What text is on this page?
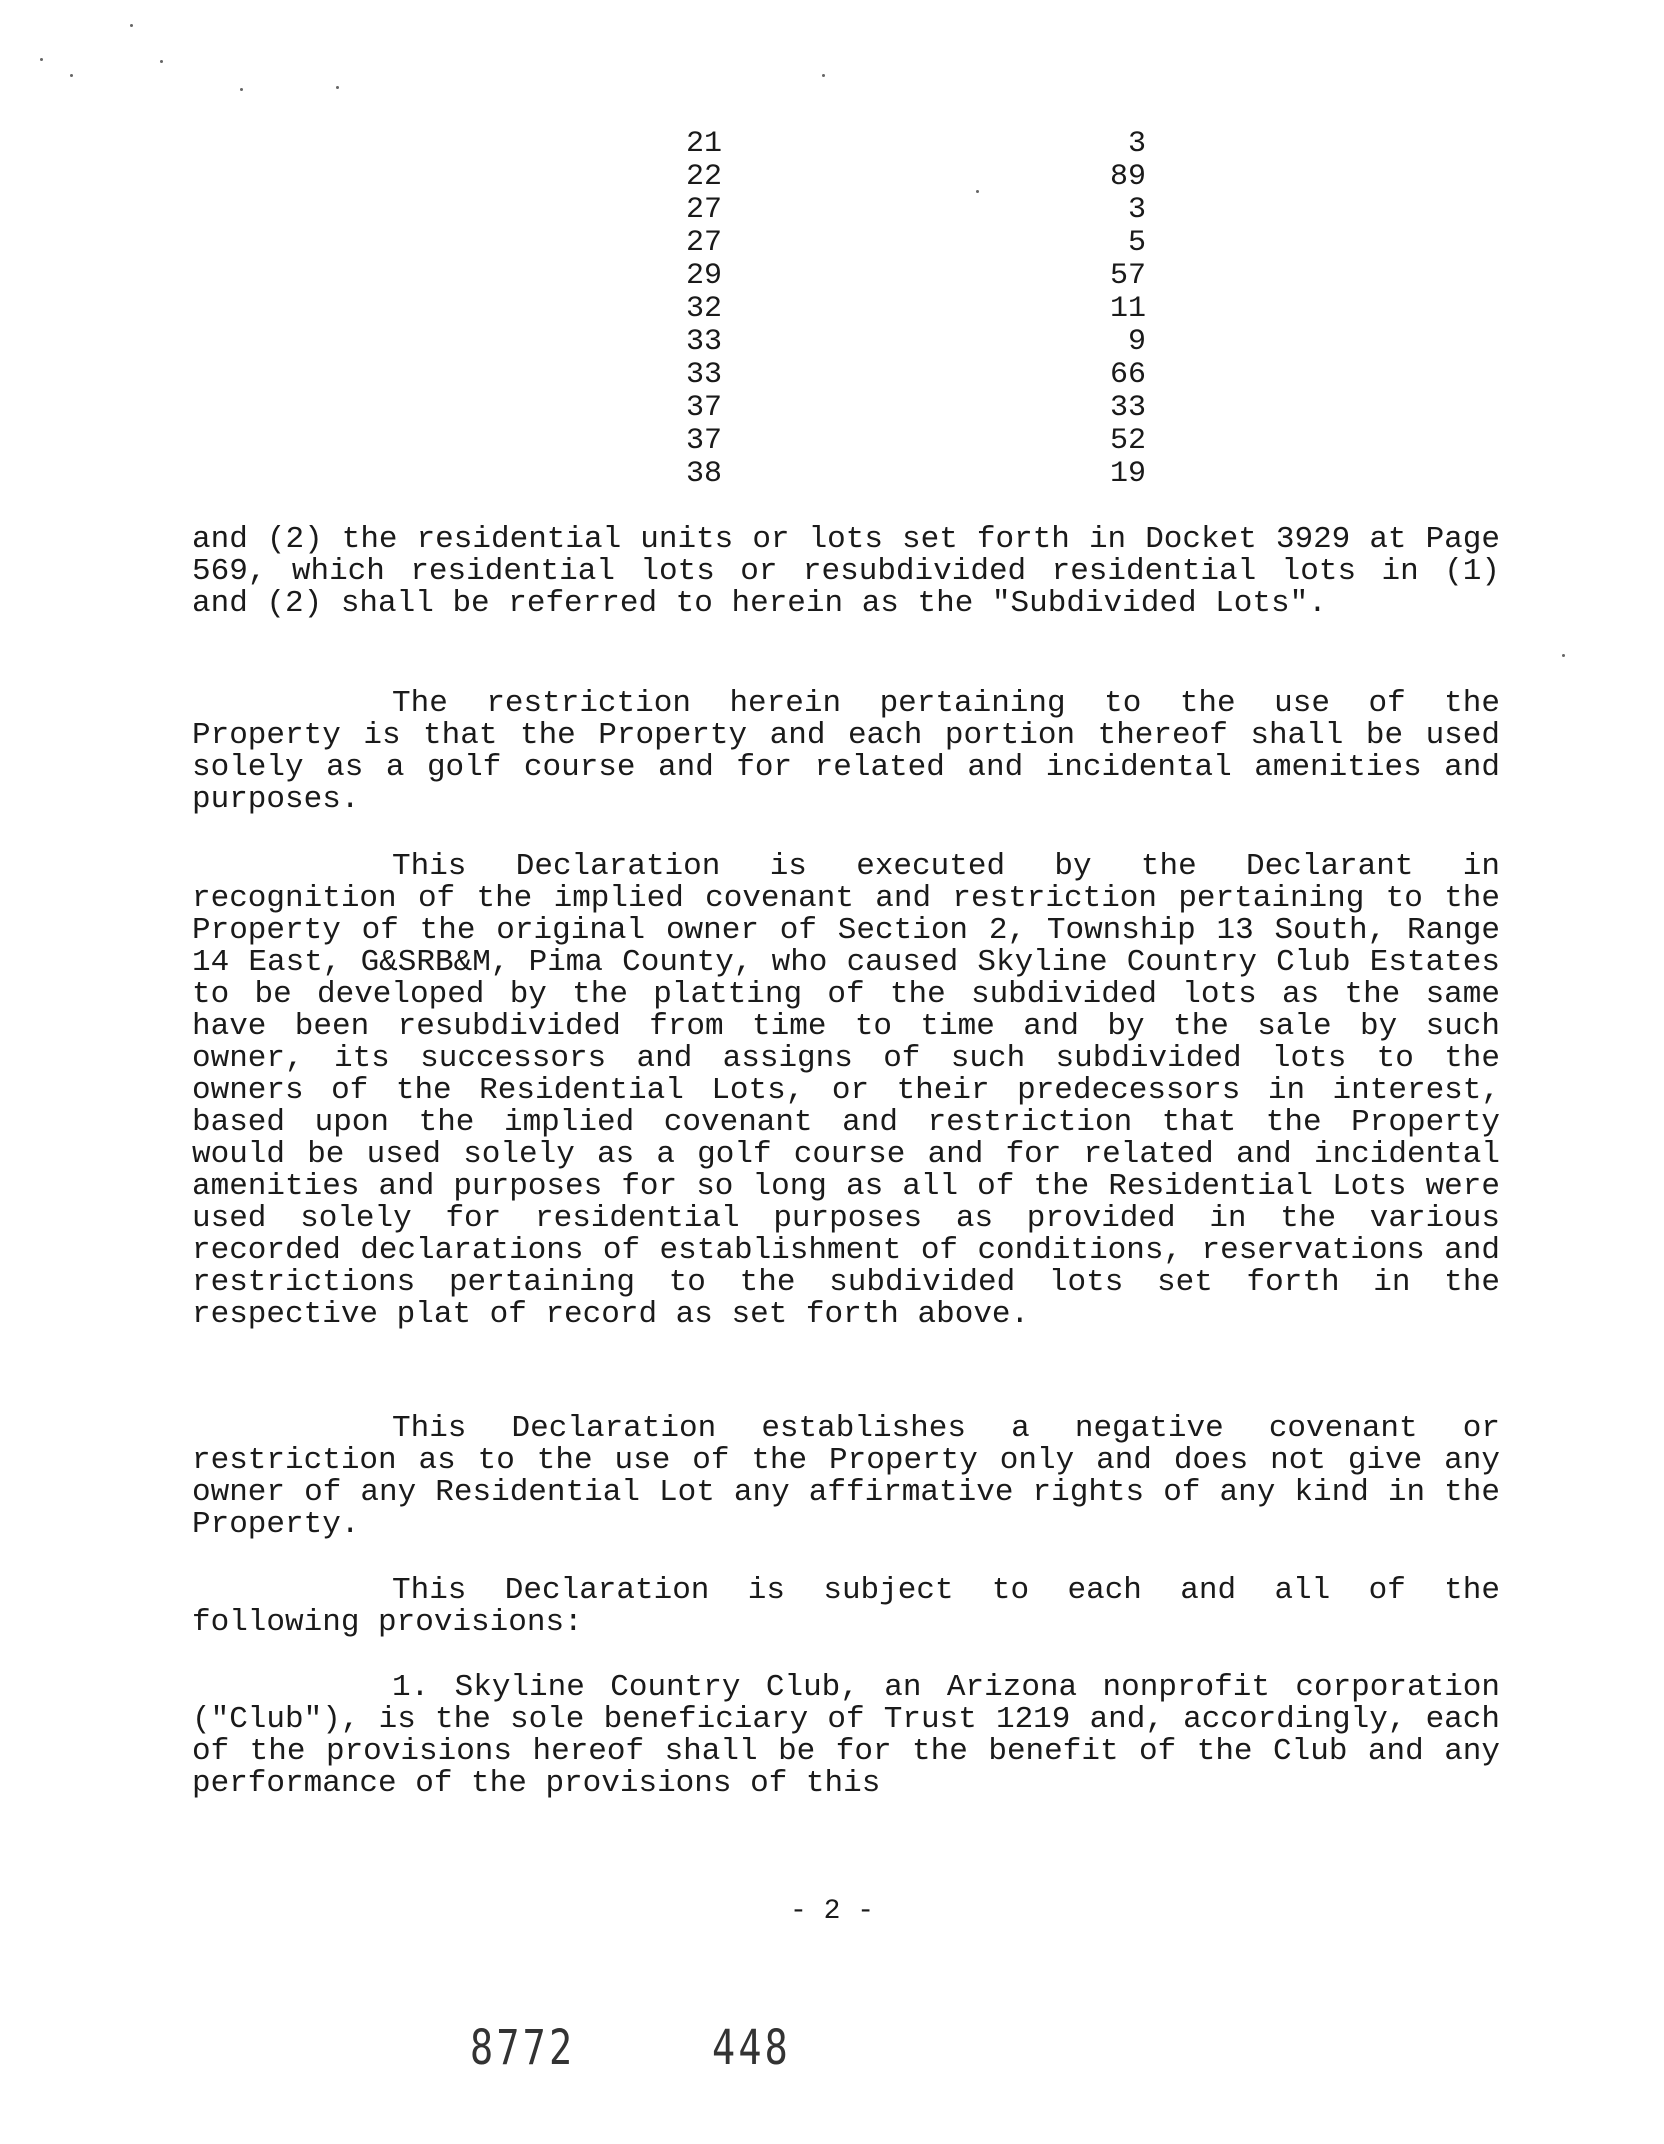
21	3
22	89
27	3
27	5
29	57
32	11
33	9
33	66
37	33
37	52
38	19

and (2) the residential units or lots set forth in Docket 3929 at Page 569, which residential lots or resubdivided residential lots in (1) and (2) shall be referred to herein as the "Subdivided Lots".

The restriction herein pertaining to the use of the Property is that the Property and each portion thereof shall be used solely as a golf course and for related and incidental amenities and purposes.

This Declaration is executed by the Declarant in recognition of the implied covenant and restriction pertaining to the Property of the original owner of Section 2, Township 13 South, Range 14 East, G&SRB&M, Pima County, who caused Skyline Country Club Estates to be developed by the platting of the subdivided lots as the same have been resubdivided from time to time and by the sale by such owner, its successors and assigns of such subdivided lots to the owners of the Residential Lots, or their predecessors in interest, based upon the implied covenant and restriction that the Property would be used solely as a golf course and for related and incidental amenities and purposes for so long as all of the Residential Lots were used solely for residential purposes as provided in the various recorded declarations of establishment of conditions, reservations and restrictions pertaining to the subdivided lots set forth in the respective plat of record as set forth above.

This Declaration establishes a negative covenant or restriction as to the use of the Property only and does not give any owner of any Residential Lot any affirmative rights of any kind in the Property.

This Declaration is subject to each and all of the following provisions:

1. Skyline Country Club, an Arizona nonprofit corporation ("Club"), is the sole beneficiary of Trust 1219 and, accordingly, each of the provisions hereof shall be for the benefit of the Club and any performance of the provisions of this

- 2 -
8772	448
